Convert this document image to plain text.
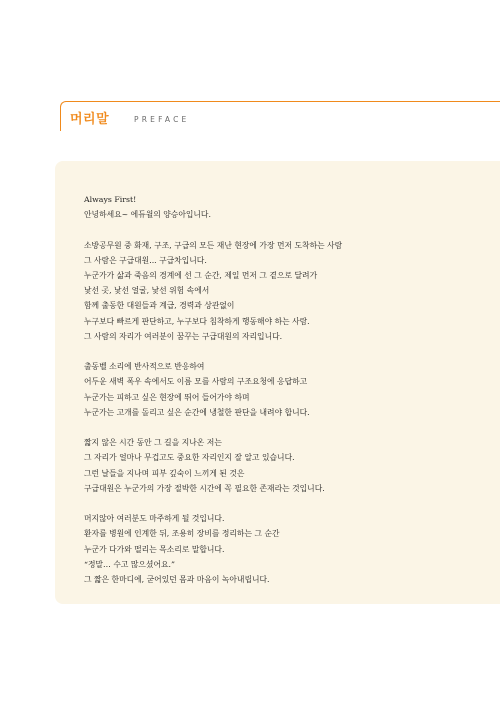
머리말	PREFACE
Always First!
안녕하세요~ 에듀윌의 양승아입니다.
소방공무원 중 화재, 구조, 구급의 모든 재난 현장에 가장 먼저 도착하는 사람
그 사람은 구급대원... 구급차입니다.
누군가가 삶과 죽음의 경계에 선 그 순간, 제일 먼저 그 곁으로 달려가
낯선 곳, 낯선 얼굴, 낯선 위험 속에서
함께 출동한 대원들과 계급, 경력과 상관없이
누구보다 빠르게 판단하고, 누구보다 침착하게 행동해야 하는 사람.
그 사람의 자리가 여러분이 꿈꾸는 구급대원의 자리입니다.
출동벨 소리에 반사적으로 반응하여
어두운 새벽 폭우 속에서도 이름 모를 사람의 구조요청에 응답하고
누군가는 피하고 싶은 현장에 뛰어 들어가야 하며
누군가는 고개를 돌리고 싶은 순간에 냉철한 판단을 내려야 합니다.
짧지 않은 시간 동안 그 길을 지나온 저는
그 자리가 얼마나 무겁고도 중요한 자리인지 잘 알고 있습니다.
그런 날들을 지나며 피부 깊숙이 느끼게 된 것은
구급대원은 누군가의 가장 절박한 시간에 꼭 필요한 존재라는 것입니다.
머지않아 여러분도 마주하게 될 것입니다.
환자를 병원에 인계한 뒤, 조용히 장비를 정리하는 그 순간
누군가 다가와 떨리는 목소리로 말합니다.
“정말… 수고 많으셨어요.”
그 짧은 한마디에, 굳어있던 몸과 마음이 녹아내립니다.
